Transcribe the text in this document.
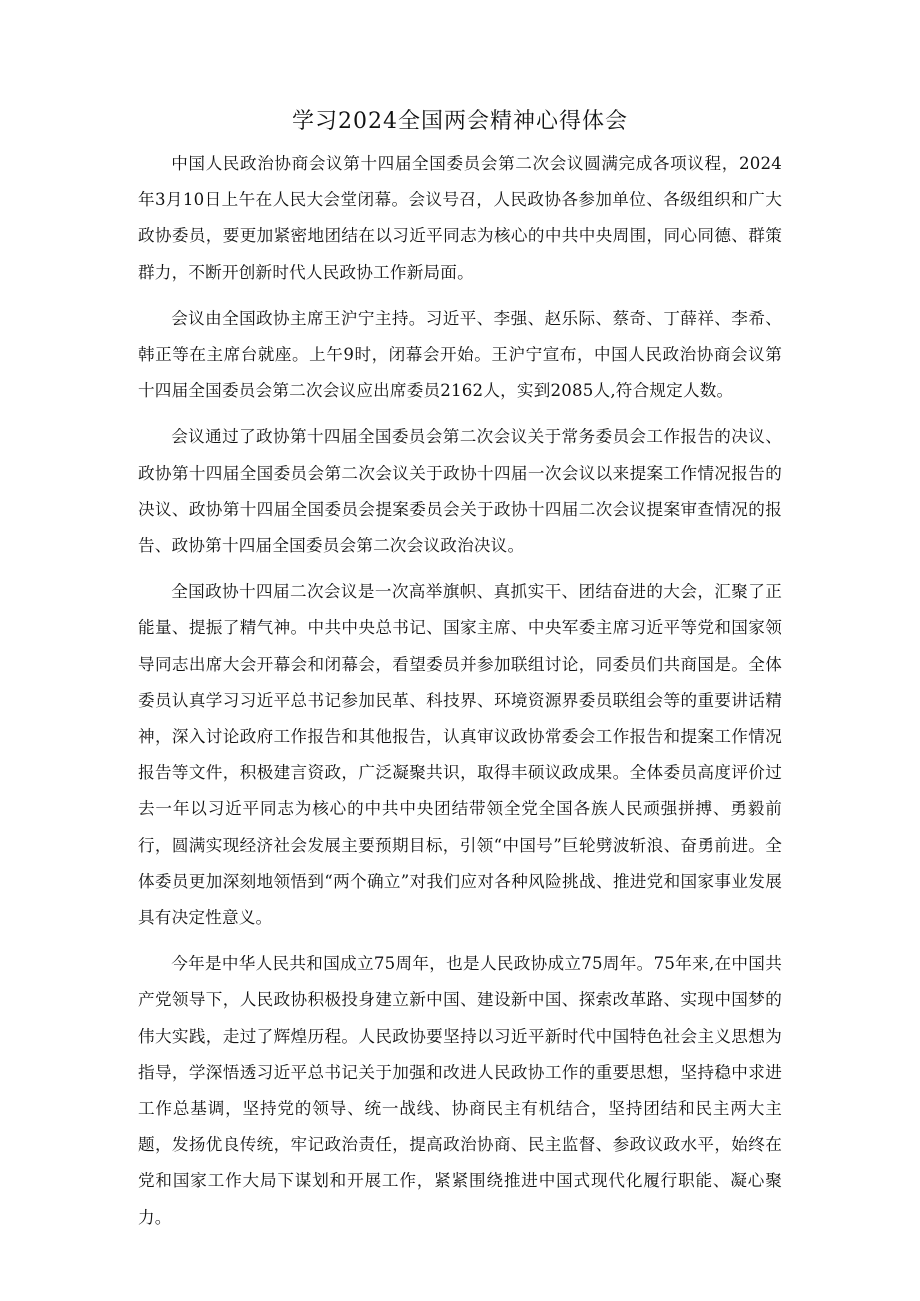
学习2024全国两会精神心得体会

中国人民政治协商会议第十四届全国委员会第二次会议圆满完成各项议程，2024年3月10日上午在人民大会堂闭幕。会议号召，人民政协各参加单位、各级组织和广大政协委员，要更加紧密地团结在以习近平同志为核心的中共中央周围，同心同德、群策群力，不断开创新时代人民政协工作新局面。

会议由全国政协主席王沪宁主持。习近平、李强、赵乐际、蔡奇、丁薛祥、李希、韩正等在主席台就座。上午9时，闭幕会开始。王沪宁宣布，中国人民政治协商会议第十四届全国委员会第二次会议应出席委员2162人，实到2085人,符合规定人数。

会议通过了政协第十四届全国委员会第二次会议关于常务委员会工作报告的决议、政协第十四届全国委员会第二次会议关于政协十四届一次会议以来提案工作情况报告的决议、政协第十四届全国委员会提案委员会关于政协十四届二次会议提案审查情况的报告、政协第十四届全国委员会第二次会议政治决议。

全国政协十四届二次会议是一次高举旗帜、真抓实干、团结奋进的大会，汇聚了正能量、提振了精气神。中共中央总书记、国家主席、中央军委主席习近平等党和国家领导同志出席大会开幕会和闭幕会，看望委员并参加联组讨论，同委员们共商国是。全体委员认真学习习近平总书记参加民革、科技界、环境资源界委员联组会等的重要讲话精神，深入讨论政府工作报告和其他报告，认真审议政协常委会工作报告和提案工作情况报告等文件，积极建言资政，广泛凝聚共识，取得丰硕议政成果。全体委员高度评价过去一年以习近平同志为核心的中共中央团结带领全党全国各族人民顽强拼搏、勇毅前行，圆满实现经济社会发展主要预期目标，引领“中国号”巨轮劈波斩浪、奋勇前进。全体委员更加深刻地领悟到“两个确立”对我们应对各种风险挑战、推进党和国家事业发展具有决定性意义。

今年是中华人民共和国成立75周年，也是人民政协成立75周年。75年来,在中国共产党领导下，人民政协积极投身建立新中国、建设新中国、探索改革路、实现中国梦的伟大实践，走过了辉煌历程。人民政协要坚持以习近平新时代中国特色社会主义思想为指导，学深悟透习近平总书记关于加强和改进人民政协工作的重要思想，坚持稳中求进工作总基调，坚持党的领导、统一战线、协商民主有机结合，坚持团结和民主两大主题，发扬优良传统，牢记政治责任，提高政治协商、民主监督、参政议政水平，始终在党和国家工作大局下谋划和开展工作，紧紧围绕推进中国式现代化履行职能、凝心聚力。
